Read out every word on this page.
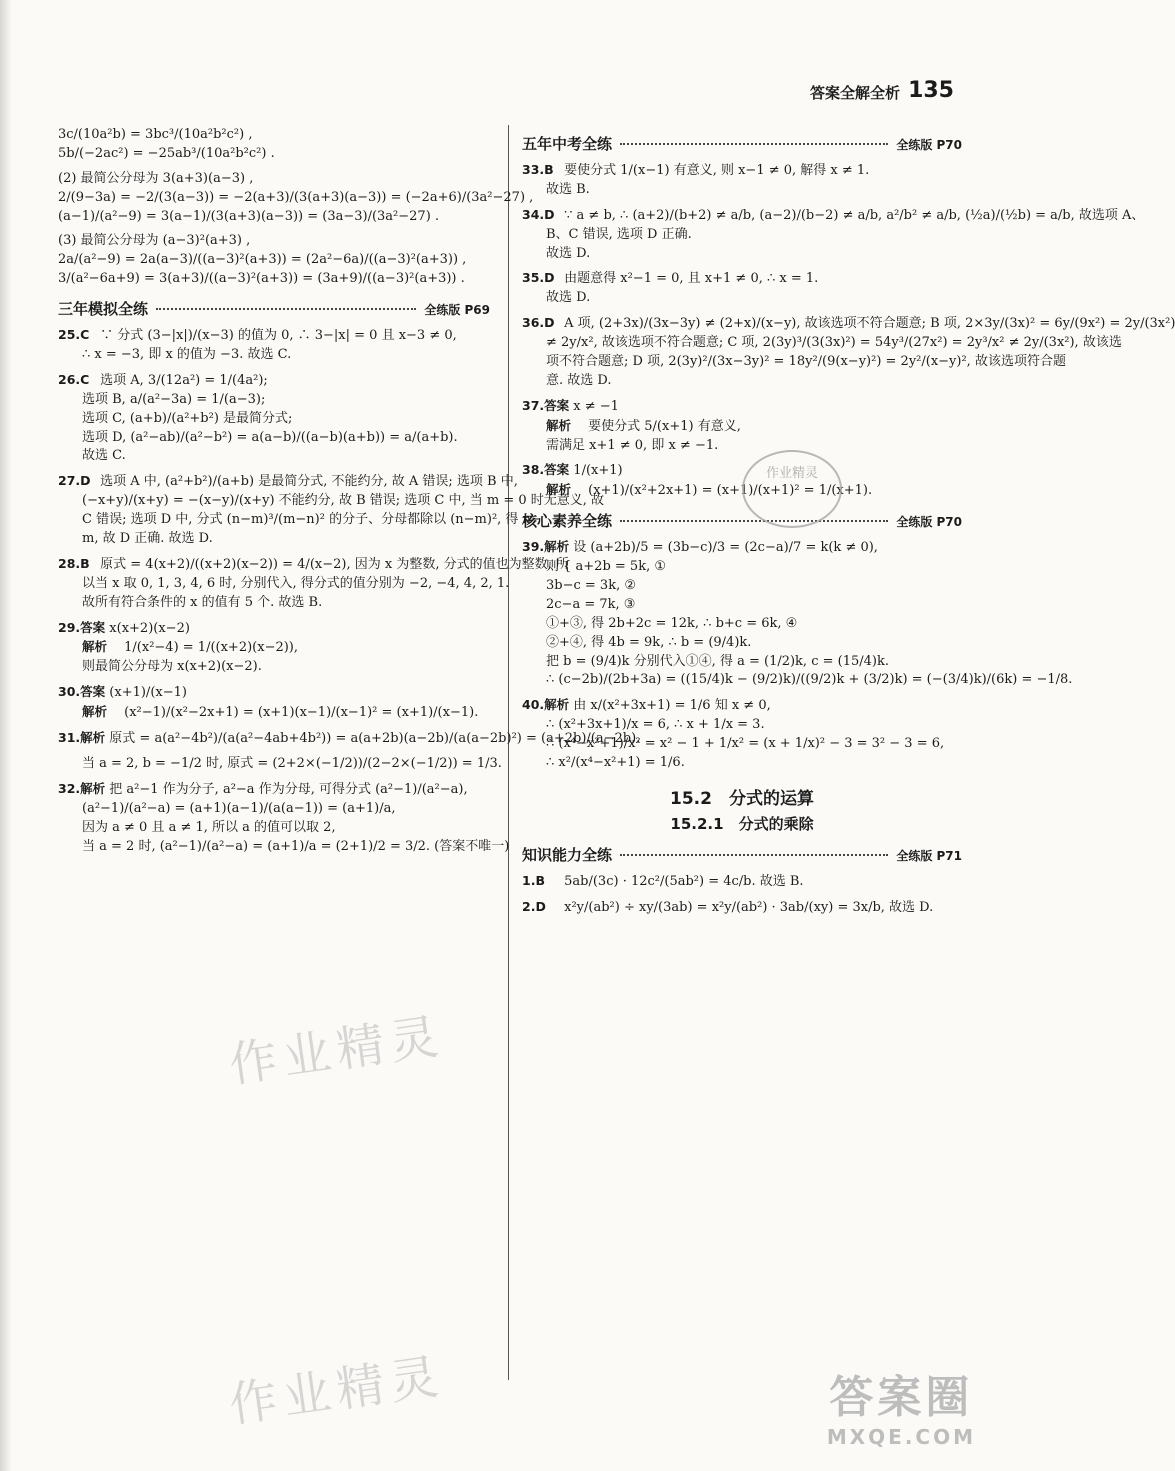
答案全解全析 135
3c/(10a²b) = 3bc³/(10a²b²c²) ,
5b/(−2ac²) = −25ab³/(10a²b²c²) .
(2) 最简公分母为 3(a+3)(a−3) ,
2/(9−3a) = −2/(3(a−3)) = −2(a+3)/(3(a+3)(a−3)) = (−2a+6)/(3a²−27) ,
(a−1)/(a²−9) = 3(a−1)/(3(a+3)(a−3)) = (3a−3)/(3a²−27) .
(3) 最简公分母为 (a−3)²(a+3) ,
2a/(a²−9) = 2a(a−3)/((a−3)²(a+3)) = (2a²−6a)/((a−3)²(a+3)) ,
3/(a²−6a+9) = 3(a+3)/((a−3)²(a+3)) = (3a+9)/((a−3)²(a+3)) .
三年模拟全练	全练版 P69
25.C ∵ 分式 (3−|x|)/(x−3) 的值为 0, ∴ 3−|x| = 0 且 x−3 ≠ 0,
∴ x = −3, 即 x 的值为 −3. 故选 C.
26.C 选项 A, 3/(12a²) = 1/(4a²);
选项 B, a/(a²−3a) = 1/(a−3);
选项 C, (a+b)/(a²+b²) 是最简分式;
选项 D, (a²−ab)/(a²−b²) = a(a−b)/((a−b)(a+b)) = a/(a+b).
故选 C.
27.D 选项 A 中, (a²+b²)/(a+b) 是最简分式, 不能约分, 故 A 错误; 选项 B 中,
(−x+y)/(x+y) = −(x−y)/(x+y) 不能约分, 故 B 错误; 选项 C 中, 当 m = 0 时无意义, 故
C 错误; 选项 D 中, 分式 (n−m)³/(m−n)² 的分子、分母都除以 (n−m)², 得 n−
m, 故 D 正确. 故选 D.
28.B 原式 = 4(x+2)/((x+2)(x−2)) = 4/(x−2), 因为 x 为整数, 分式的值也为整数, 所
以当 x 取 0, 1, 3, 4, 6 时, 分别代入, 得分式的值分别为 −2, −4, 4, 2, 1.
故所有符合条件的 x 的值有 5 个. 故选 B.
29.答案 x(x+2)(x−2)
解析 1/(x²−4) = 1/((x+2)(x−2)),
则最简公分母为 x(x+2)(x−2).
30.答案 (x+1)/(x−1)
解析 (x²−1)/(x²−2x+1) = (x+1)(x−1)/(x−1)² = (x+1)/(x−1).
31.解析 原式 = a(a²−4b²)/(a(a²−4ab+4b²)) = a(a+2b)(a−2b)/(a(a−2b)²) = (a+2b)/(a−2b).
当 a = 2, b = −1/2 时, 原式 = (2+2×(−1/2))/(2−2×(−1/2)) = 1/3.
32.解析 把 a²−1 作为分子, a²−a 作为分母, 可得分式 (a²−1)/(a²−a),
(a²−1)/(a²−a) = (a+1)(a−1)/(a(a−1)) = (a+1)/a,
因为 a ≠ 0 且 a ≠ 1, 所以 a 的值可以取 2,
当 a = 2 时, (a²−1)/(a²−a) = (a+1)/a = (2+1)/2 = 3/2. (答案不唯一)
五年中考全练	全练版 P70
33.B 要使分式 1/(x−1) 有意义, 则 x−1 ≠ 0, 解得 x ≠ 1.
故选 B.
34.D ∵ a ≠ b, ∴ (a+2)/(b+2) ≠ a/b, (a−2)/(b−2) ≠ a/b, a²/b² ≠ a/b, (½a)/(½b) = a/b, 故选项 A、
B、C 错误, 选项 D 正确.
故选 D.
35.D 由题意得 x²−1 = 0, 且 x+1 ≠ 0, ∴ x = 1.
故选 D.
36.D A 项, (2+3x)/(3x−3y) ≠ (2+x)/(x−y), 故该选项不符合题意; B 项, 2×3y/(3x)² = 6y/(9x²) = 2y/(3x²)
≠ 2y/x², 故该选项不符合题意; C 项, 2(3y)³/(3(3x)²) = 54y³/(27x²) = 2y³/x² ≠ 2y/(3x²), 故该选
项不符合题意; D 项, 2(3y)²/(3x−3y)² = 18y²/(9(x−y)²) = 2y²/(x−y)², 故该选项符合题
意. 故选 D.
37.答案 x ≠ −1
解析 要使分式 5/(x+1) 有意义,
需满足 x+1 ≠ 0, 即 x ≠ −1.
38.答案 1/(x+1)
解析 (x+1)/(x²+2x+1) = (x+1)/(x+1)² = 1/(x+1).
核心素养全练	全练版 P70
39.解析 设 (a+2b)/5 = (3b−c)/3 = (2c−a)/7 = k(k ≠ 0),
则 { a+2b = 5k, ①
3b−c = 3k, ②
2c−a = 7k, ③
①+③, 得 2b+2c = 12k, ∴ b+c = 6k, ④
②+④, 得 4b = 9k, ∴ b = (9/4)k.
把 b = (9/4)k 分别代入①④, 得 a = (1/2)k, c = (15/4)k.
∴ (c−2b)/(2b+3a) = ((15/4)k − (9/2)k)/((9/2)k + (3/2)k) = (−(3/4)k)/(6k) = −1/8.
40.解析 由 x/(x²+3x+1) = 1/6 知 x ≠ 0,
∴ (x²+3x+1)/x = 6, ∴ x + 1/x = 3.
∴ (x⁴−x²+1)/x² = x² − 1 + 1/x² = (x + 1/x)² − 3 = 3² − 3 = 6,
∴ x²/(x⁴−x²+1) = 1/6.
15.2　分式的运算
15.2.1　分式的乘除
知识能力全练	全练版 P71
1.B 5ab/(3c) · 12c²/(5ab²) = 4c/b. 故选 B.
2.D x²y/(ab²) ÷ xy/(3ab) = x²y/(ab²) · 3ab/(xy) = 3x/b, 故选 D.
作业精灵
作业精灵
作业精灵
答案圈
MXQE.COM
